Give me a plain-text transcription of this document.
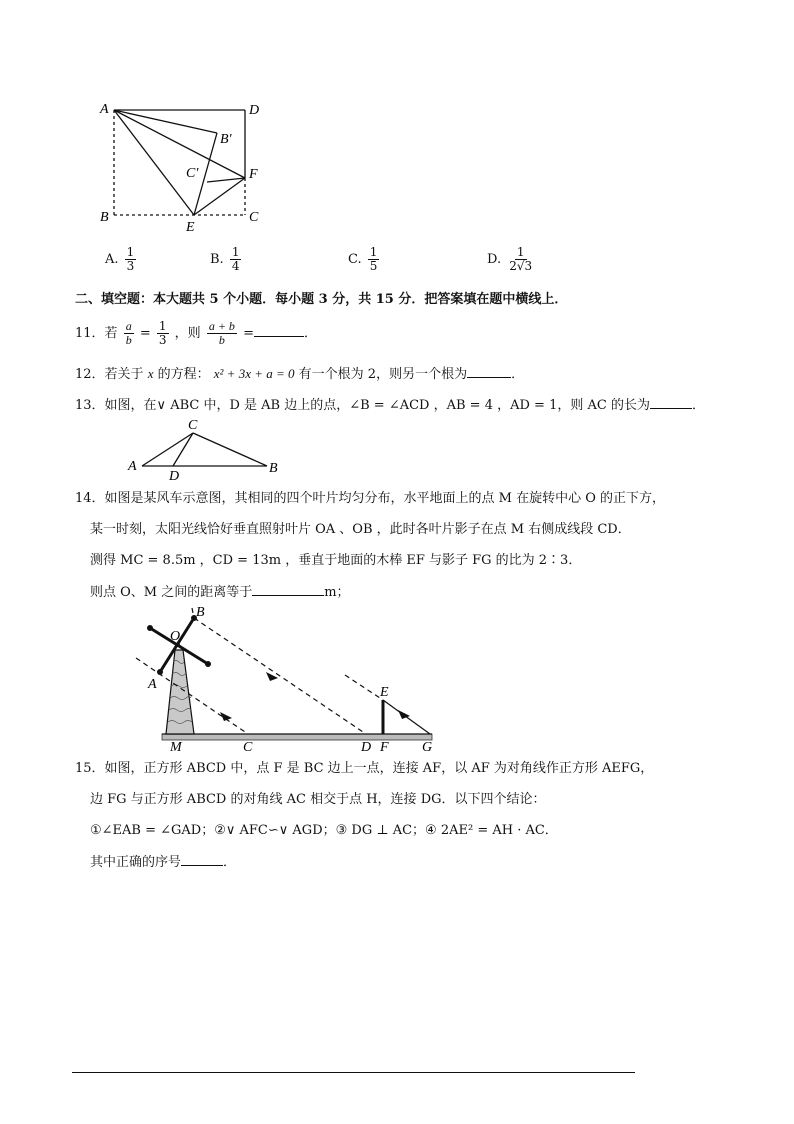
A	D
B′
C′	F
B
E
C
A. $\frac{1}{3}$	B. $\frac{1}{4}$	C. $\frac{1}{5}$	D. $\frac{1}{2√3}$
二、填空题：本大题共 5 个小题．每小题 3 分，共 15 分．把答案填在题中横线上．
11．若 $\frac{a}{b} = \frac{1}{3}$ ，则 $\frac{a + b}{b}$ =	．
12．若关于 x 的方程： x² + 3x + a = 0 有一个根为 2，则另一个根为	．
13．如图，在∨ ABC 中，D 是 AB 边上的点，∠B = ∠ACD ，AB = 4 ，AD = 1，则 AC 的长为	．
C
A
D
B
14．如图是某风车示意图，其相同的四个叶片均匀分布，水平地面上的点 M 在旋转中心 O 的正下方，
某一时刻，太阳光线恰好垂直照射叶片 OA 、OB ，此时各叶片影子在点 M 右侧成线段 CD．
测得 MC = 8.5m ，CD = 13m ，垂直于地面的木棒 EF 与影子 FG 的比为 2∶3．
则点 O、M 之间的距离等于	m；
B
O
A
E
M	C	D F G
15．如图，正方形 ABCD 中，点 F 是 BC 边上一点，连接 AF，以 AF 为对角线作正方形 AEFG，
边 FG 与正方形 ABCD 的对角线 AC 相交于点 H，连接 DG．以下四个结论：
①∠EAB = ∠GAD；②∨ AFC∽∨ AGD；③ DG ⊥ AC；④ 2AE² = AH · AC．
其中正确的序号	．
